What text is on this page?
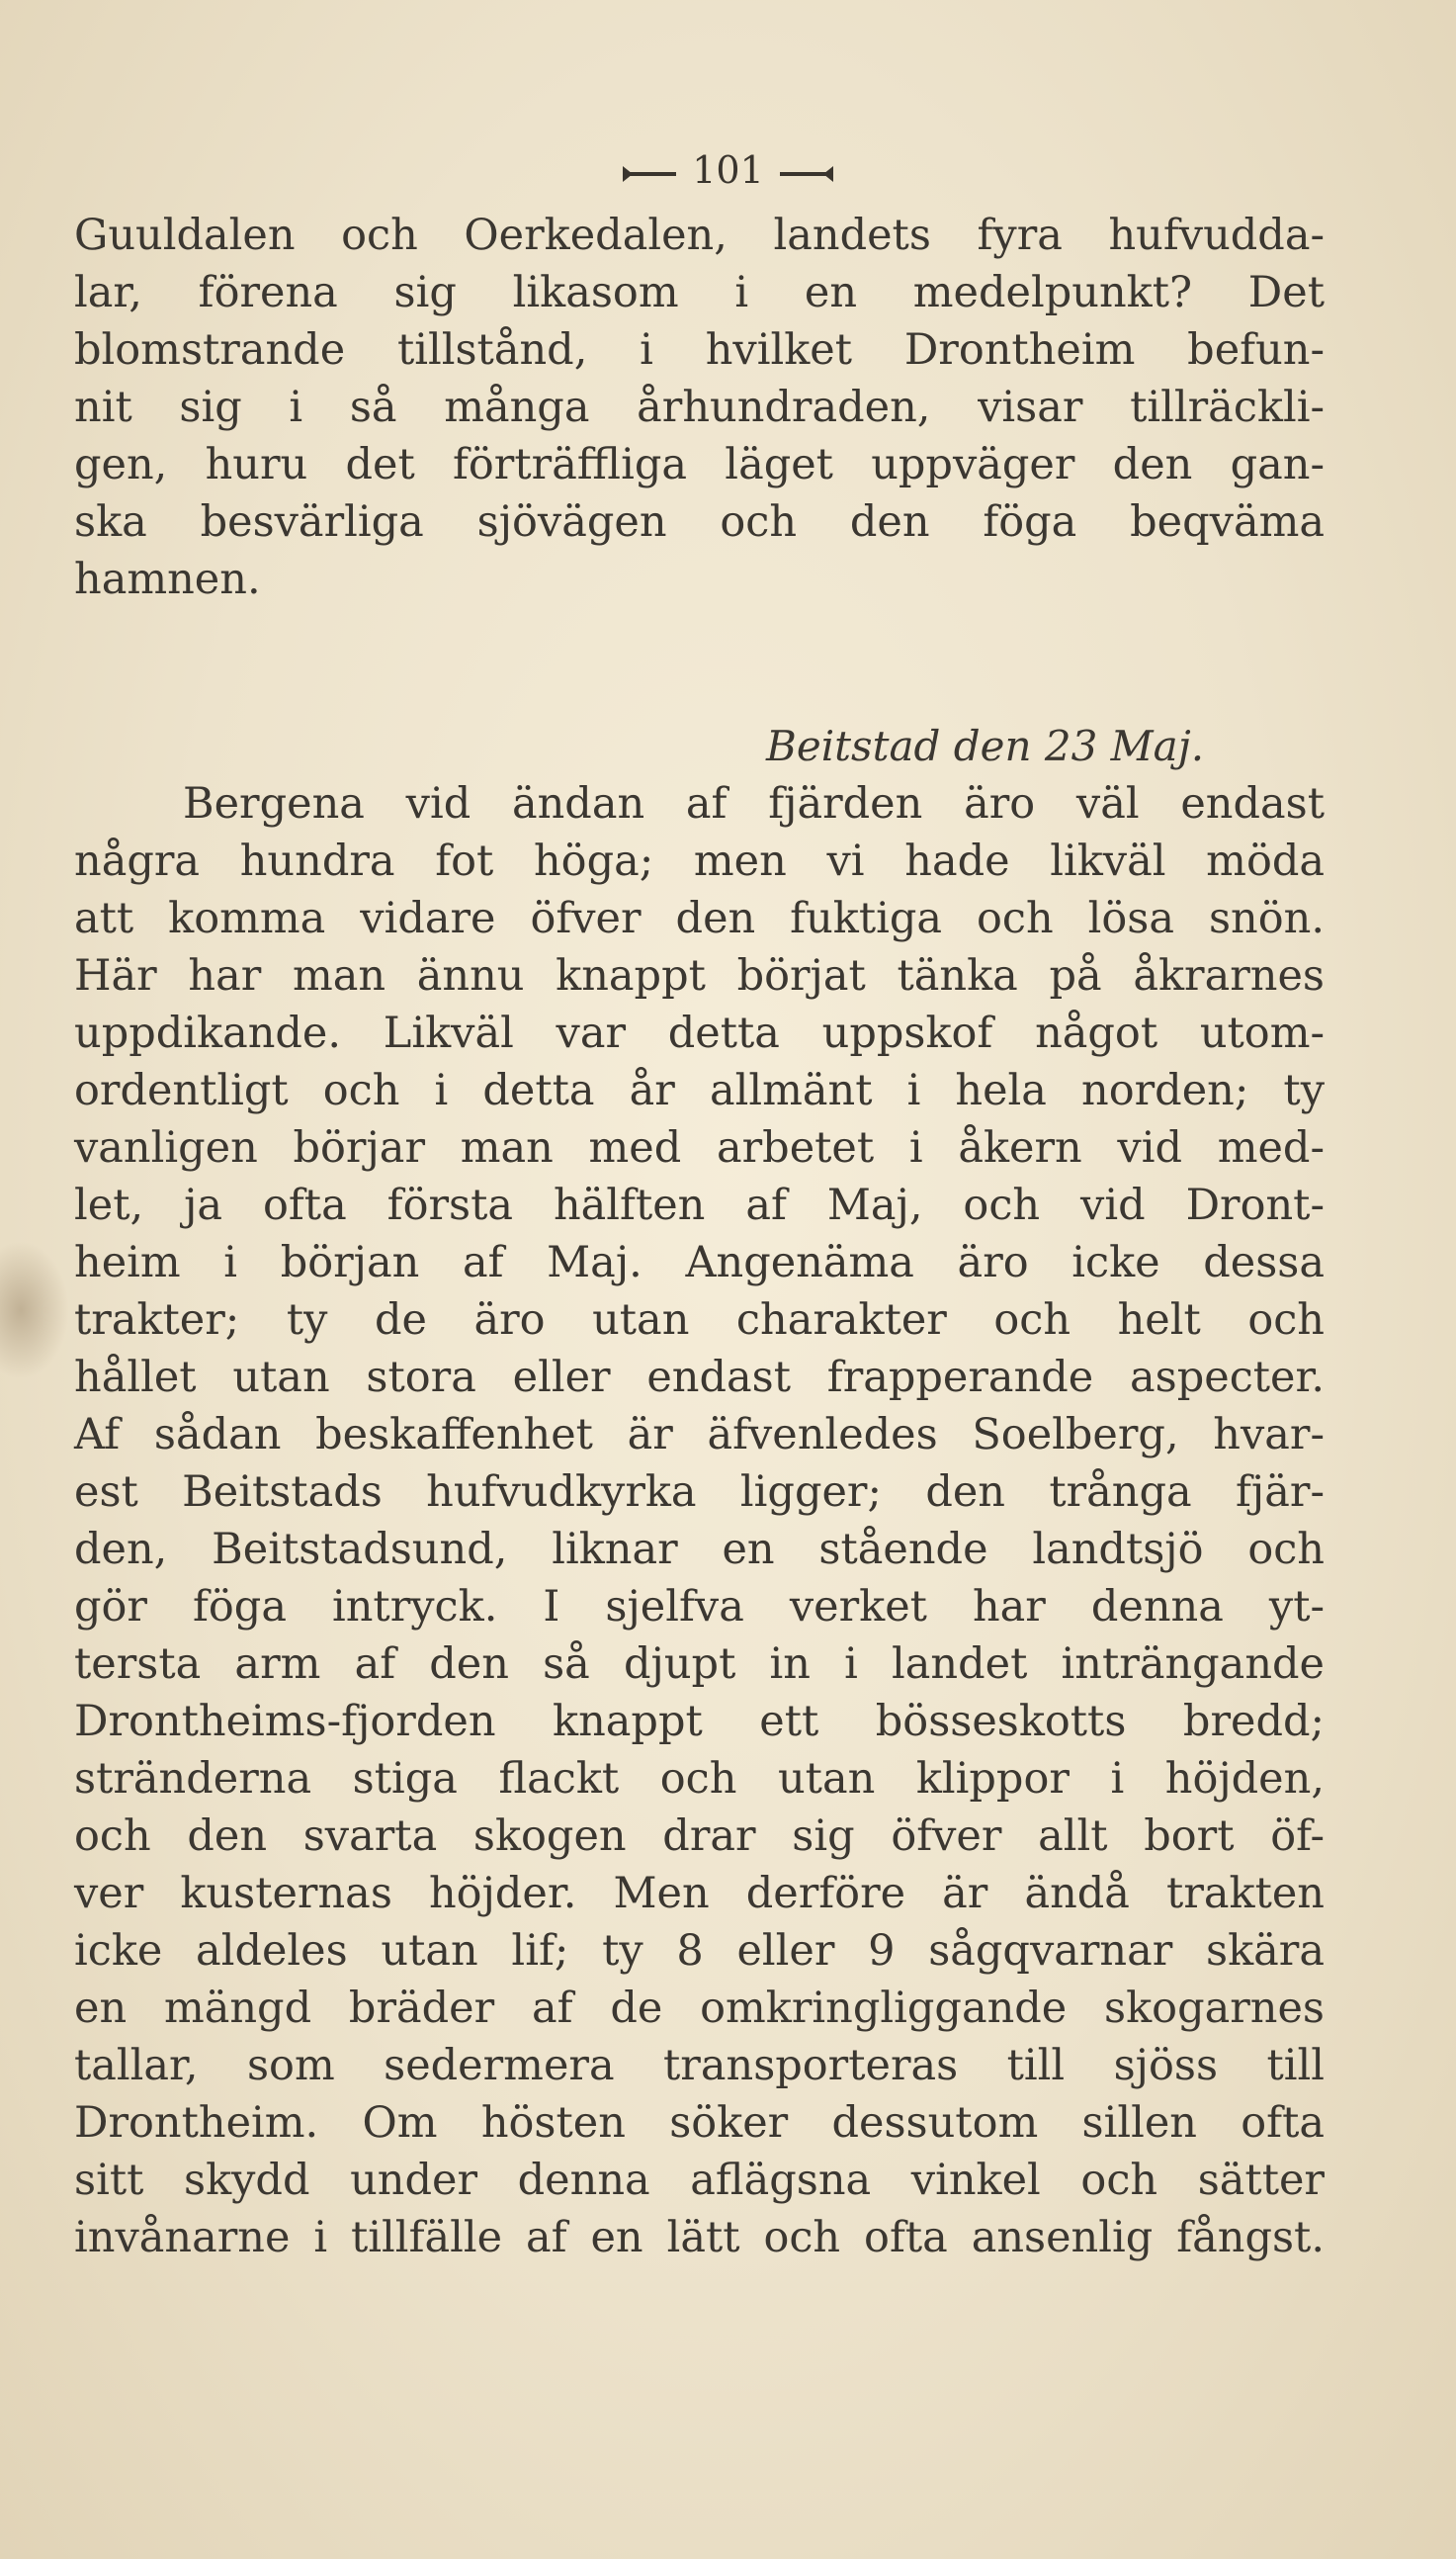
101
Guuldalen och Oerkedalen, landets fyra hufvudda-
lar, förena sig likasom i en medelpunkt? Det
blomstrande tillstånd, i hvilket Drontheim befun-
nit sig i så många århundraden, visar tillräckli-
gen, huru det förträffliga läget uppväger den gan-
ska besvärliga sjövägen och den föga beqväma
hamnen.
Beitstad den 23 Maj.
Bergena vid ändan af fjärden äro väl endast
några hundra fot höga; men vi hade likväl möda
att komma vidare öfver den fuktiga och lösa snön.
Här har man ännu knappt börjat tänka på åkrarnes
uppdikande. Likväl var detta uppskof något utom-
ordentligt och i detta år allmänt i hela norden; ty
vanligen börjar man med arbetet i åkern vid med-
let, ja ofta första hälften af Maj, och vid Dront-
heim i början af Maj. Angenäma äro icke dessa
trakter; ty de äro utan charakter och helt och
hållet utan stora eller endast frapperande aspecter.
Af sådan beskaffenhet är äfvenledes Soelberg, hvar-
est Beitstads hufvudkyrka ligger; den trånga fjär-
den, Beitstadsund, liknar en stående landtsjö och
gör föga intryck. I sjelfva verket har denna yt-
tersta arm af den så djupt in i landet inträngande
Drontheims-fjorden knappt ett bösseskotts bredd;
stränderna stiga flackt och utan klippor i höjden,
och den svarta skogen drar sig öfver allt bort öf-
ver kusternas höjder. Men derföre är ändå trakten
icke aldeles utan lif; ty 8 eller 9 sågqvarnar skära
en mängd bräder af de omkringliggande skogarnes
tallar, som sedermera transporteras till sjöss till
Drontheim. Om hösten söker dessutom sillen ofta
sitt skydd under denna aflägsna vinkel och sätter
invånarne i tillfälle af en lätt och ofta ansenlig fångst.
